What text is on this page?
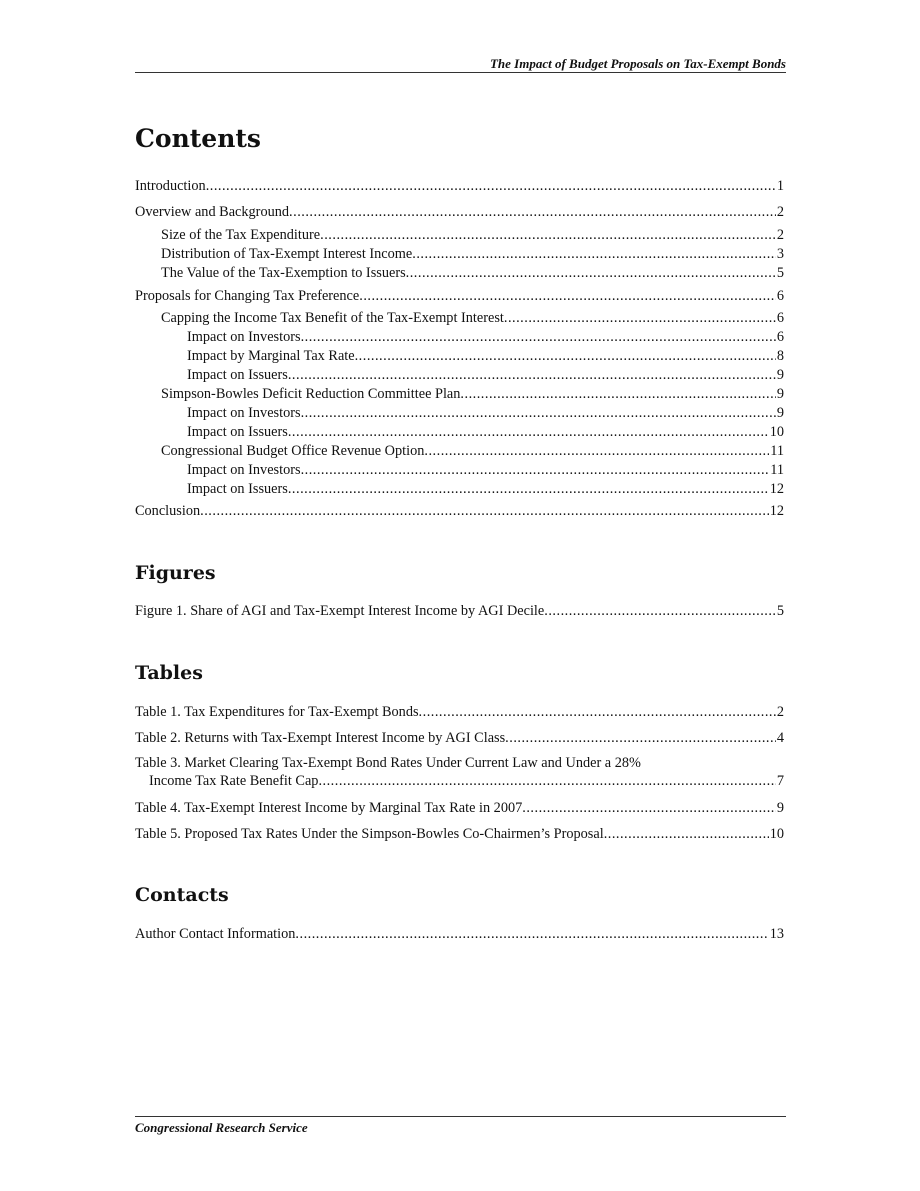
The Impact of Budget Proposals on Tax-Exempt Bonds
Contents
Introduction .....	1
Overview and Background .....	2
Size of the Tax Expenditure .....	2
Distribution of Tax-Exempt Interest Income .....	3
The Value of the Tax-Exemption to Issuers .....	5
Proposals for Changing Tax Preference .....	6
Capping the Income Tax Benefit of the Tax-Exempt Interest .....	6
Impact on Investors .....	6
Impact by Marginal Tax Rate .....	8
Impact on Issuers .....	9
Simpson-Bowles Deficit Reduction Committee Plan .....	9
Impact on Investors .....	9
Impact on Issuers .....	10
Congressional Budget Office Revenue Option .....	11
Impact on Investors .....	11
Impact on Issuers .....	12
Conclusion .....	12
Figures
Figure 1. Share of AGI and Tax-Exempt Interest Income by AGI Decile .....	5
Tables
Table 1. Tax Expenditures for Tax-Exempt Bonds .....	2
Table 2. Returns with Tax-Exempt Interest Income by AGI Class .....	4
Table 3. Market Clearing Tax-Exempt Bond Rates Under Current Law and Under a 28%
Income Tax Rate Benefit Cap .....	7
Table 4. Tax-Exempt Interest Income by Marginal Tax Rate in 2007 .....	9
Table 5. Proposed Tax Rates Under the Simpson-Bowles Co-Chairmen’s Proposal .....	10
Contacts
Author Contact Information .....	13
Congressional Research Service
